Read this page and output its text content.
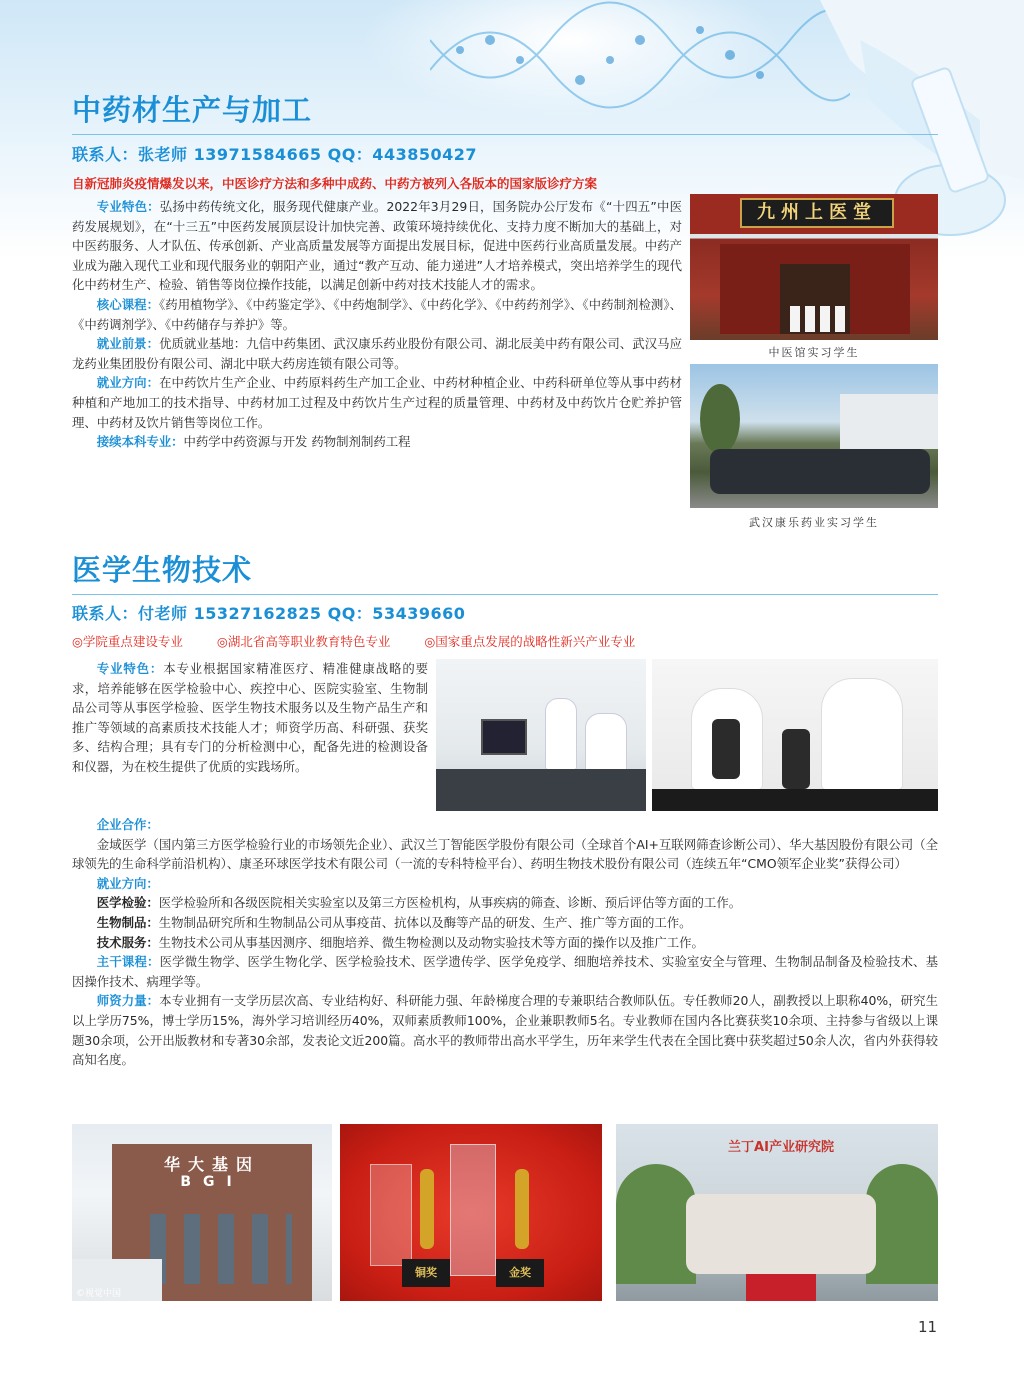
中药材生产与加工
联系人：张老师 13971584665 QQ：443850427
自新冠肺炎疫情爆发以来，中医诊疗方法和多种中成药、中药方被列入各版本的国家版诊疗方案

专业特色：弘扬中药传统文化，服务现代健康产业。2022年3月29日，国务院办公厅发布《“十四五”中医药发展规划》，在“十三五”中医药发展顶层设计加快完善、政策环境持续优化、支持力度不断加大的基础上，对中医药服务、人才队伍、传承创新、产业高质量发展等方面提出发展目标，促进中医药行业高质量发展。中药产业成为融入现代工业和现代服务业的朝阳产业，通过“教产互动、能力递进”人才培养模式，突出培养学生的现代化中药材生产、检验、销售等岗位操作技能，以满足创新中药对技术技能人才的需求。

核心课程：《药用植物学》、《中药鉴定学》、《中药炮制学》、《中药化学》、《中药药剂学》、《中药制剂检测》、《中药调剂学》、《中药储存与养护》等。

就业前景：优质就业基地：九信中药集团、武汉康乐药业股份有限公司、湖北辰美中药有限公司、武汉马应龙药业集团股份有限公司、湖北中联大药房连锁有限公司等。

就业方向：在中药饮片生产企业、中药原料药生产加工企业、中药材种植企业、中药科研单位等从事中药材种植和产地加工的技术指导、中药材加工过程及中药饮片生产过程的质量管理、中药材及中药饮片仓贮养护管理、中药材及饮片销售等岗位工作。

接续本科专业：中药学中药资源与开发 药物制剂制药工程

九州上医堂
中医馆实习学生
武汉康乐药业实习学生
医学生物技术
联系人：付老师 15327162825 QQ：53439660
◎学院重点建设专业	◎湖北省高等职业教育特色专业	◎国家重点发展的战略性新兴产业专业

专业特色：本专业根据国家精准医疗、精准健康战略的要求，培养能够在医学检验中心、疾控中心、医院实验室、生物制品公司等从事医学检验、医学生物技术服务以及生物产品生产和推广等领域的高素质技术技能人才；师资学历高、科研强、获奖多、结构合理；具有专门的分析检测中心，配备先进的检测设备和仪器，为在校生提供了优质的实践场所。

企业合作：

金域医学（国内第三方医学检验行业的市场领先企业）、武汉兰丁智能医学股份有限公司（全球首个AI+互联网筛查诊断公司）、华大基因股份有限公司（全球领先的生命科学前沿机构）、康圣环球医学技术有限公司（一流的专科特检平台）、药明生物技术股份有限公司（连续五年“CMO领军企业奖”获得公司）

就业方向：

医学检验：医学检验所和各级医院相关实验室以及第三方医检机构，从事疾病的筛查、诊断、预后评估等方面的工作。

生物制品：生物制品研究所和生物制品公司从事疫苗、抗体以及酶等产品的研发、生产、推广等方面的工作。

技术服务：生物技术公司从事基因测序、细胞培养、微生物检测以及动物实验技术等方面的操作以及推广工作。

主干课程：医学微生物学、医学生物化学、医学检验技术、医学遗传学、医学免疫学、细胞培养技术、实验室安全与管理、生物制品制备及检验技术、基因操作技术、病理学等。

师资力量：本专业拥有一支学历层次高、专业结构好、科研能力强、年龄梯度合理的专兼职结合教师队伍。专任教师20人，副教授以上职称40%，研究生以上学历75%，博士学历15%，海外学习培训经历40%，双师素质教师100%，企业兼职教师5名。专业教师在国内各比赛获奖10余项、主持参与省级以上课题30余项，公开出版教材和专著30余部，发表论文近200篇。高水平的教师带出高水平学生，历年来学生代表在全国比赛中获奖超过50余人次，省内外获得较高知名度。

华大基因
BGI
©视觉中国
铜奖	金奖
兰丁AI产业研究院
11
